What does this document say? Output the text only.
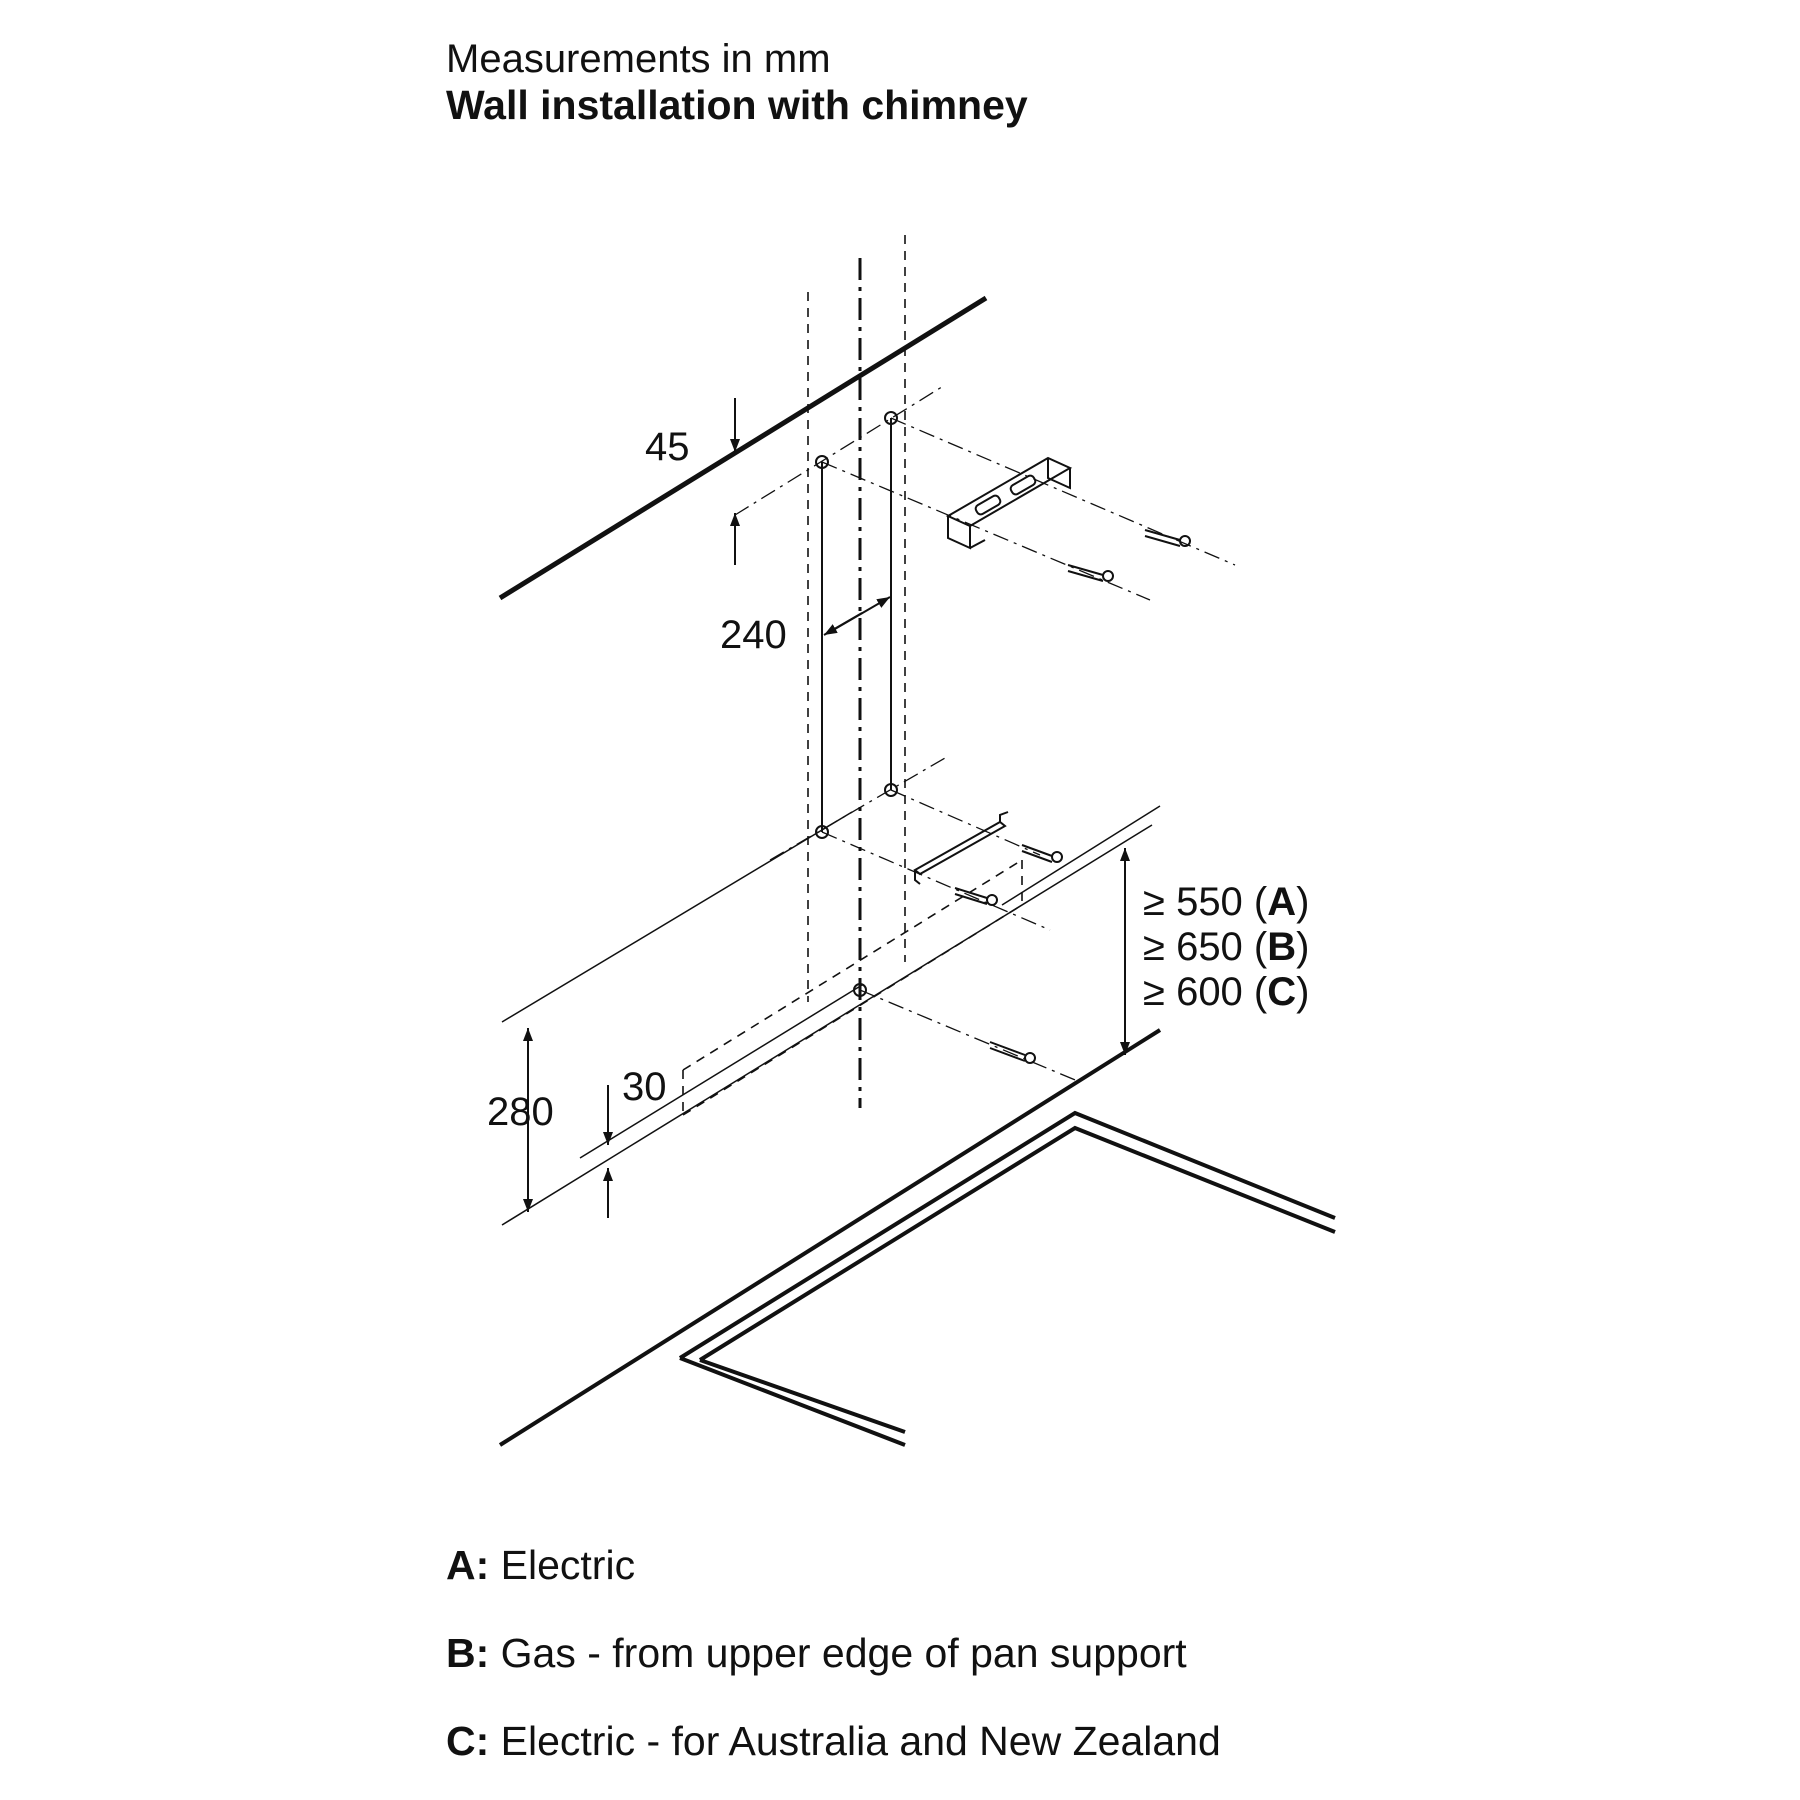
Measurements in mm
Wall installation with chimney
45
240
280
30
≥ 550 (A)
≥ 650 (B)
≥ 600 (C)
A: Electric
B: Gas - from upper edge of pan support
C: Electric - for Australia and New Zealand
